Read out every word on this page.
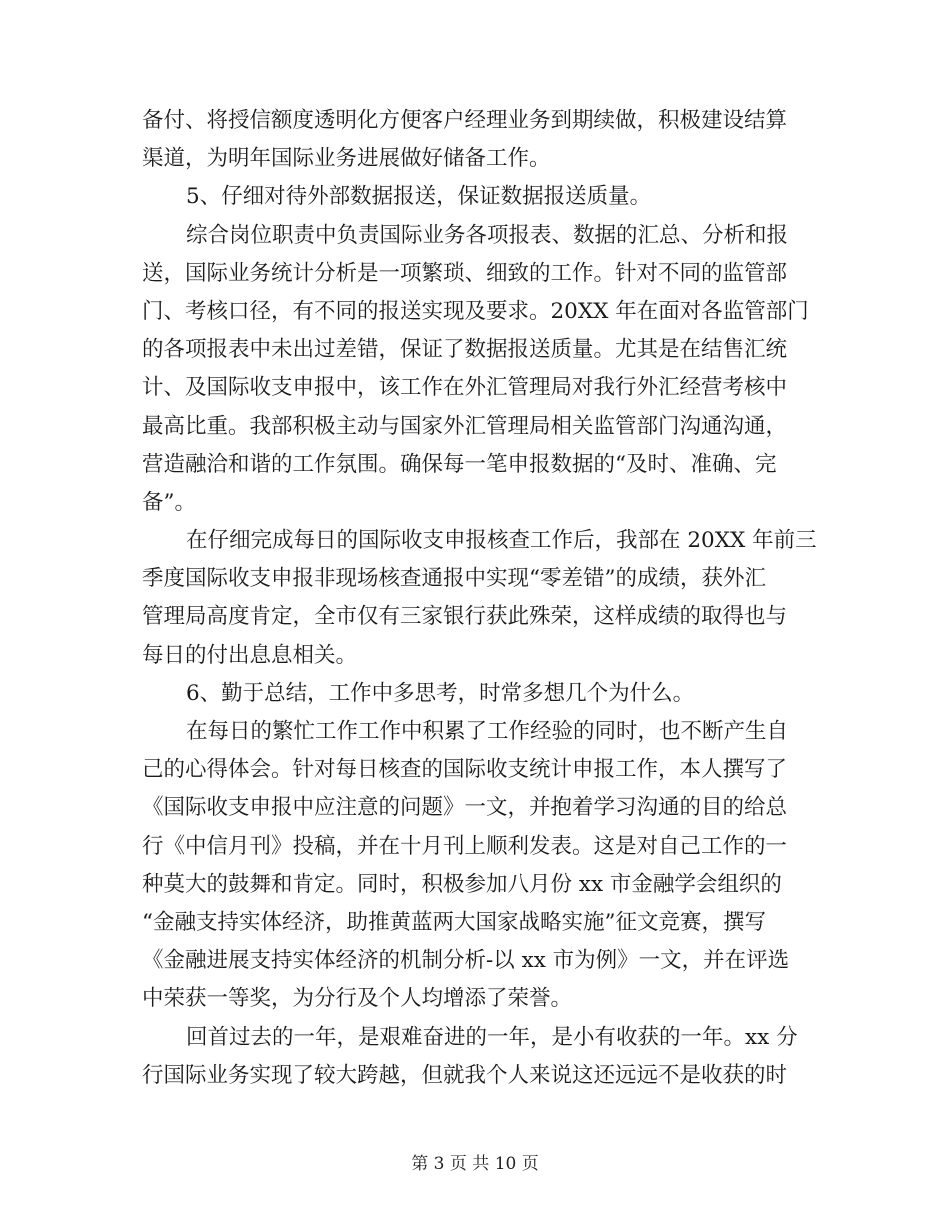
备付、将授信额度透明化方便客户经理业务到期续做，积极建设结算
渠道，为明年国际业务进展做好储备工作。
5、仔细对待外部数据报送，保证数据报送质量。
综合岗位职责中负责国际业务各项报表、数据的汇总、分析和报
送，国际业务统计分析是一项繁琐、细致的工作。针对不同的监管部
门、考核口径，有不同的报送实现及要求。20XX 年在面对各监管部门
的各项报表中未出过差错，保证了数据报送质量。尤其是在结售汇统
计、及国际收支申报中，该工作在外汇管理局对我行外汇经营考核中
最高比重。我部积极主动与国家外汇管理局相关监管部门沟通沟通，
营造融洽和谐的工作氛围。确保每一笔申报数据的“及时、准确、完
备”。
在仔细完成每日的国际收支申报核查工作后，我部在 20XX 年前三
季度国际收支申报非现场核查通报中实现“零差错”的成绩，获外汇
管理局高度肯定，全市仅有三家银行获此殊荣，这样成绩的取得也与
每日的付出息息相关。
6、勤于总结，工作中多思考，时常多想几个为什么。
在每日的繁忙工作工作中积累了工作经验的同时，也不断产生自
己的心得体会。针对每日核查的国际收支统计申报工作，本人撰写了
《国际收支申报中应注意的问题》一文，并抱着学习沟通的目的给总
行《中信月刊》投稿，并在十月刊上顺利发表。这是对自己工作的一
种莫大的鼓舞和肯定。同时，积极参加八月份 xx 市金融学会组织的
“金融支持实体经济，助推黄蓝两大国家战略实施”征文竞赛，撰写
《金融进展支持实体经济的机制分析-以 xx 市为例》一文，并在评选
中荣获一等奖，为分行及个人均增添了荣誉。
回首过去的一年，是艰难奋进的一年，是小有收获的一年。xx 分
行国际业务实现了较大跨越，但就我个人来说这还远远不是收获的时
第 3 页 共 10 页
